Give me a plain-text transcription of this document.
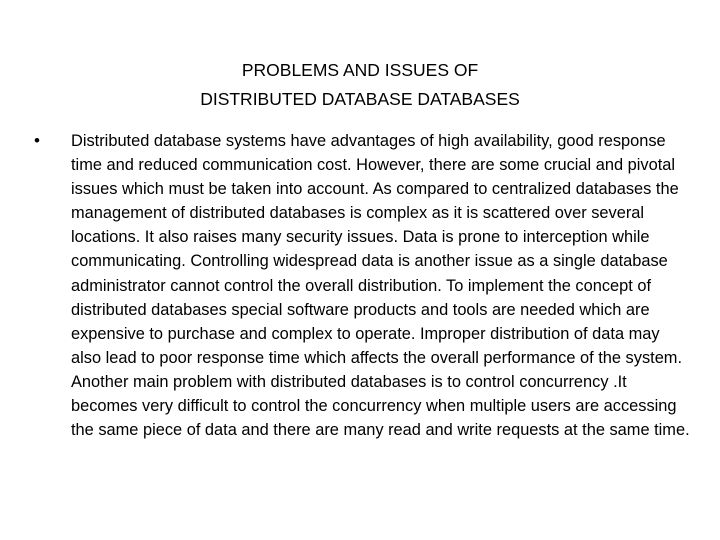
PROBLEMS AND ISSUES OF
DISTRIBUTED DATABASE DATABASES
• Distributed database systems have advantages of high availability, good response time and reduced communication cost. However, there are some crucial and pivotal issues which must be taken into account. As compared to centralized databases the management of distributed databases is complex as it is scattered over several locations. It also raises many security issues. Data is prone to interception while communicating. Controlling widespread data is another issue as a single database administrator cannot control the overall distribution. To implement the concept of distributed databases special software products and tools are needed which are expensive to purchase and complex to operate. Improper distribution of data may also lead to poor response time which affects the overall performance of the system. Another main problem with distributed databases is to control concurrency .It becomes very difficult to control the concurrency when multiple users are accessing the same piece of data and there are many read and write requests at the same time.
